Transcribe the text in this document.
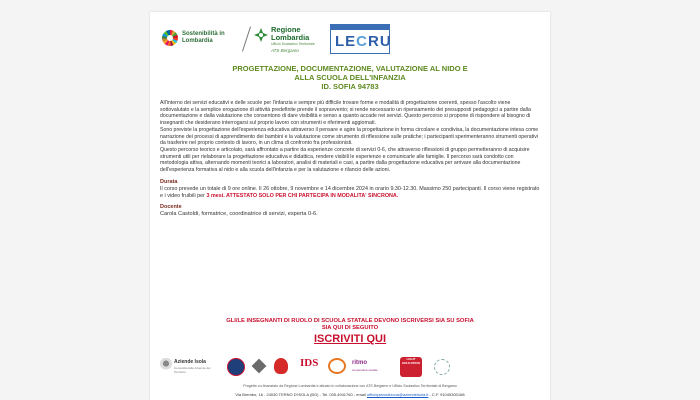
Sostenibilità in Lombardia
Regione Lombardia
Ufficio Scolastico Territoriale
ATS Bergamo
LECRU
PROGETTAZIONE, DOCUMENTAZIONE, VALUTAZIONE AL NIDO E
ALLA SCUOLA DELL'INFANZIA
ID. SOFIA 94783

All'interno dei servizi educativi e delle scuole per l'infanzia e sempre più difficile trovare forme e modalità di progettazione coerenti, spesso l'ascolto viene sottovalutato e la semplice erogazione di attività predefinite prende il sopravvento; si rende necessario un ripensamento dei presupposti pedagogici a partire dalla documentazione e dalla valutazione che consentono di dare visibilità e senso a quanto accade nei servizi. Questo percorso si propone di rispondere al bisogno di insegnanti che desiderano interrogarsi sul proprio lavoro con strumenti e riferimenti aggiornati.

Sono previste la progettazione dell'esperienza educativa attraverso il pensare e agire la progettazione in forma circolare e condivisa, la documentazione intesa come narrazione dei processi di apprendimento dei bambini e la valutazione come strumento di riflessione sulle pratiche; i partecipanti sperimenteranno strumenti operativi da trasferire nel proprio contesto di lavoro, in un clima di confronto fra professionisti.

Questo percorso teorico e articolato, sarà affrontato a partire da esperienze concrete di servizi 0-6, che attraverso riflessioni di gruppo permetteranno di acquisire strumenti utili per rielaborare la progettazione educativa e didattica, rendere visibili le esperienze e comunicarle alle famiglie. Il percorso sarà condotto con metodologia attiva, alternando momenti teorici a laboratori, analisi di materiali e casi, a partire dalla progettazione educativa per arrivare alla documentazione dell'esperienza formativa al nido e alla scuola dell'infanzia e per la valutazione e rilancio delle azioni.

Durata

Il corso prevede un totale di 9 ore online. Il 26 ottobre, 9 novembre e 14 dicembre 2024 in orario 9.30-12.30. Massimo 250 partecipanti. Il corso viene registrato e i video fruibili per 3 mesi. ATTESTATO SOLO PER CHI PARTECIPA IN MODALITA' SINCRONA.

Docente

Carola Castoldi, formatrice, coordinatrice di servizi, esperta 0-6.

GLI/LE INSEGNANTI DI RUOLO DI SCUOLA STATALE DEVONO ISCRIVERSI SIA SU SOFIA
SIA QUI DI SEGUITO
ISCRIVITI QUI
Aziende Isola
Comunità delle Aziende del Territorio
IDS	ritmo
cooperativa sociale
LIGHT EDUCATION
Progetto co-finanziato da Regione Lombardia e attuato in collaborazione con ATS Bergamo e Ufficio Scolastico Territoriale di Bergamo
Via Brembo, 16 - 24030 TERNO D'ISOLA (BG) - Tel. 035.4941760 - email ufficiopianodizona@aziendeisola.it - C.F. 91045300168
